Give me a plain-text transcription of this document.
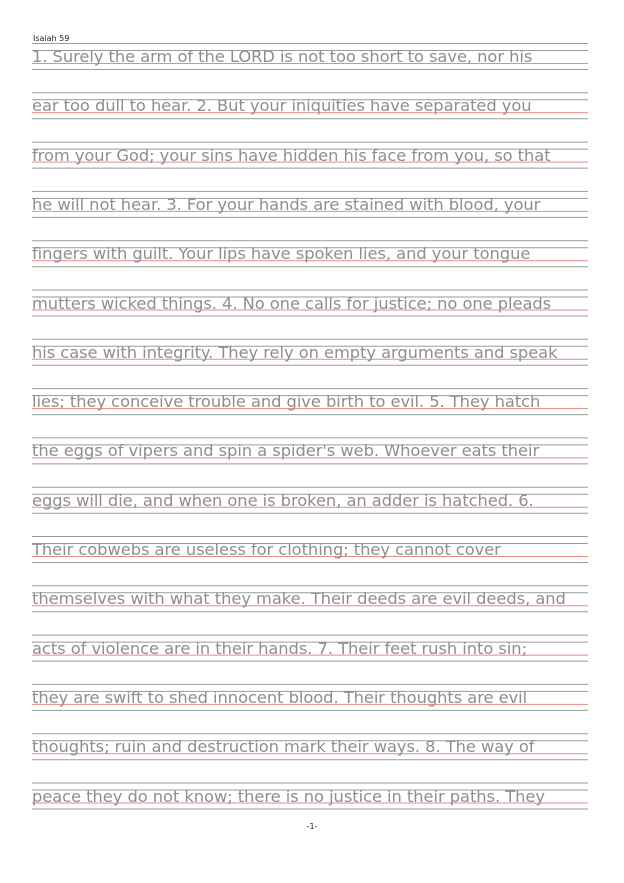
Isaiah 59
1. Surely the arm of the LORD is not too short to save, nor his
ear too dull to hear. 2. But your iniquities have separated you
from your God; your sins have hidden his face from you, so that
he will not hear. 3. For your hands are stained with blood, your
fingers with guilt. Your lips have spoken lies, and your tongue
mutters wicked things. 4. No one calls for justice; no one pleads
his case with integrity. They rely on empty arguments and speak
lies; they conceive trouble and give birth to evil. 5. They hatch
the eggs of vipers and spin a spider's web. Whoever eats their
eggs will die, and when one is broken, an adder is hatched. 6.
Their cobwebs are useless for clothing; they cannot cover
themselves with what they make. Their deeds are evil deeds, and
acts of violence are in their hands. 7. Their feet rush into sin;
they are swift to shed innocent blood. Their thoughts are evil
thoughts; ruin and destruction mark their ways. 8. The way of
peace they do not know; there is no justice in their paths. They
-1-
